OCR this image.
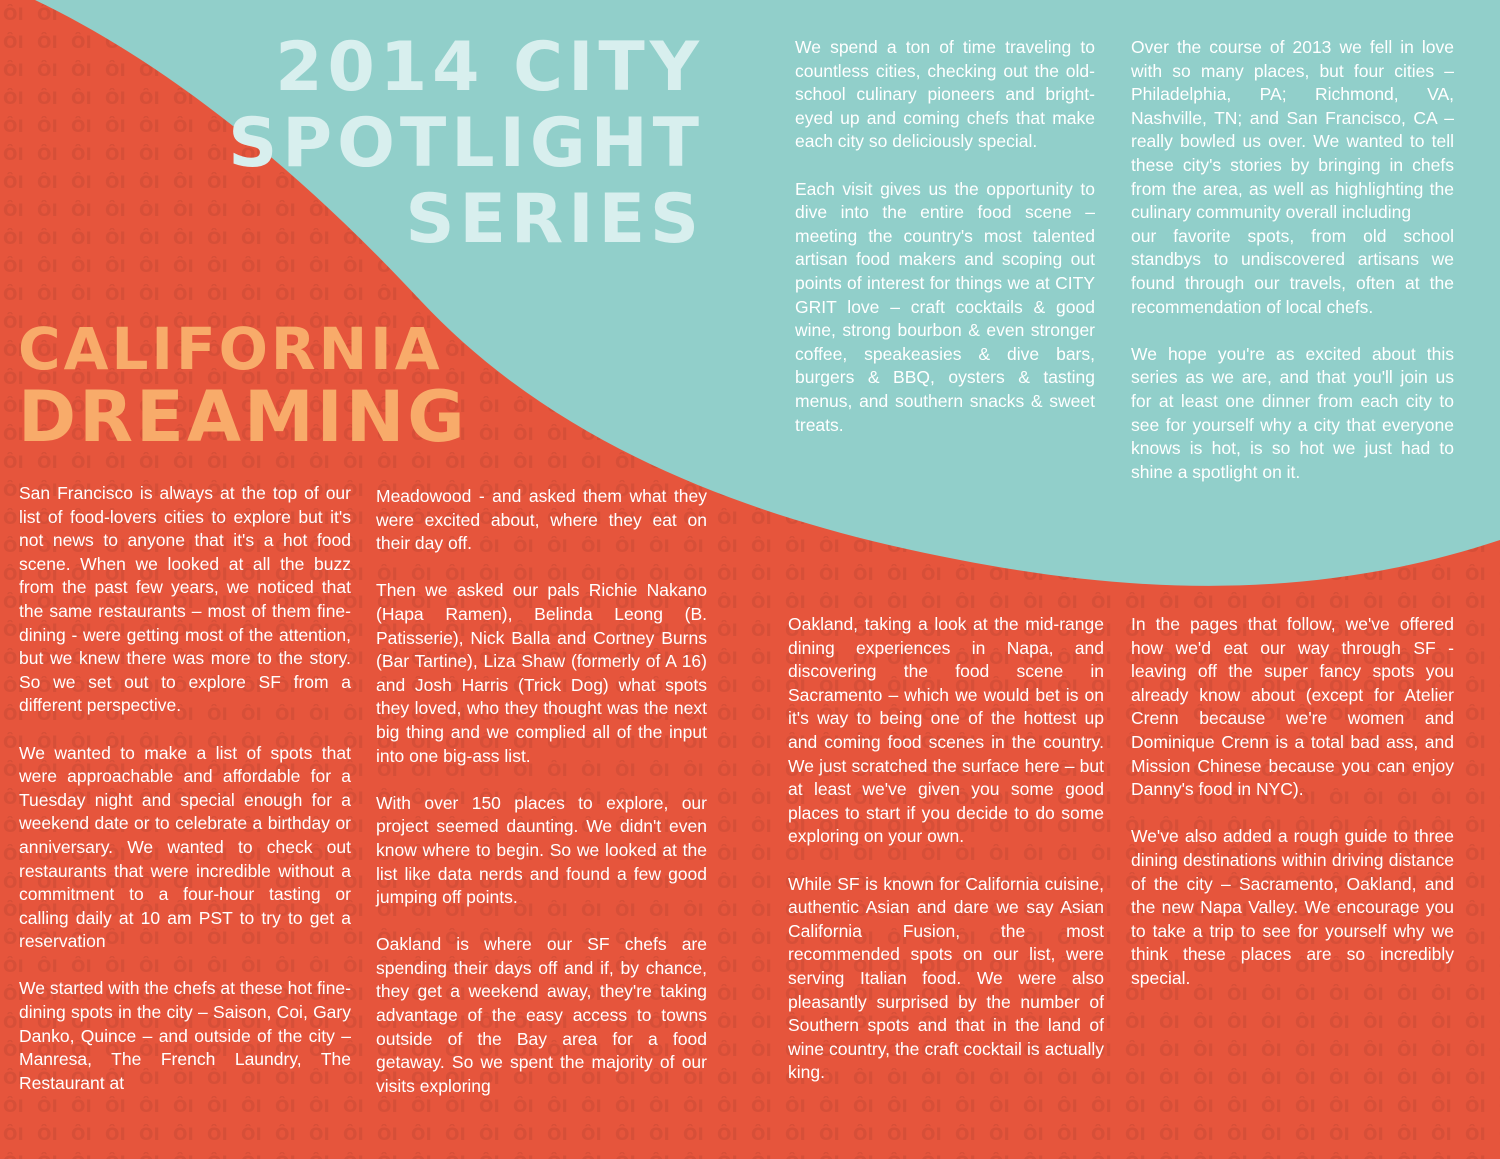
2014 CITY
SPOTLIGHT
SERIES
CALIFORNIA
DREAMING

We spend a ton of time traveling to countless cities, checking out the old-school culinary pioneers and bright-eyed up and coming chefs that make each city so deliciously special.

Each visit gives us the opportunity to dive into the entire food scene – meeting the country's most talented artisan food makers and scoping out points of interest for things we at CITY GRIT love – craft cocktails & good wine, strong bourbon & even stronger coffee, speakeasies & dive bars, burgers & BBQ, oysters & tasting menus, and southern snacks & sweet treats.

Over the course of 2013 we fell in love with so many places, but four cities – Philadelphia, PA; Richmond, VA, Nashville, TN; and San Francisco, CA – really bowled us over. We wanted to tell these city's stories by bringing in chefs from the area, as well as highlighting the culinary community overall including
our favorite spots, from old school standbys to undiscovered artisans we found through our travels, often at the recommendation of local chefs.

We hope you're as excited about this series as we are, and that you'll join us for at least one dinner from each city to see for yourself why a city that everyone knows is hot, is so hot we just had to shine a spotlight on it.

San Francisco is always at the top of our list of food-lovers cities to explore but it's not news to anyone that it's a hot food scene. When we looked at all the buzz from the past few years, we noticed that the same restaurants – most of them fine-dining - were getting most of the attention, but we knew there was more to the story. So we set out to explore SF from a different perspective.

We wanted to make a list of spots that were approachable and affordable for a Tuesday night and special enough for a weekend date or to celebrate a birthday or anniversary. We wanted to check out restaurants that were incredible without a commitment to a four-hour tasting or calling daily at 10 am PST to try to get a reservation

We started with the chefs at these hot fine-dining spots in the city – Saison, Coi, Gary Danko, Quince – and outside of the city – Manresa, The French Laundry, The Restaurant at

Meadowood - and asked them what they were excited about, where they eat on their day off.

Then we asked our pals Richie Nakano (Hapa Ramen), Belinda Leong (B. Patisserie), Nick Balla and Cortney Burns (Bar Tartine), Liza Shaw (formerly of A 16) and Josh Harris (Trick Dog) what spots they loved, who they thought was the next big thing and we complied all of the input into one big-ass list.

With over 150 places to explore, our project seemed daunting. We didn't even know where to begin. So we looked at the list like data nerds and found a few good jumping off points.

Oakland is where our SF chefs are spending their days off and if, by chance, they get a weekend away, they're taking advantage of the easy access to towns outside of the Bay area for a food getaway. So we spent the majority of our visits exploring

Oakland, taking a look at the mid-range dining experiences in Napa, and discovering the food scene in Sacramento – which we would bet is on it's way to being one of the hottest up and coming food scenes in the country. We just scratched the surface here – but at least we've given you some good places to start if you decide to do some exploring on your own.

While SF is known for California cuisine, authentic Asian and dare we say Asian California Fusion, the most recommended spots on our list, were serving Italian food. We were also pleasantly surprised by the number of Southern spots and that in the land of wine country, the craft cocktail is actually king.

In the pages that follow, we've offered how we'd eat our way through SF - leaving off the super fancy spots you already know about (except for Atelier Crenn because we're women and Dominique Crenn is a total bad ass, and Mission Chinese because you can enjoy Danny's food in NYC).

We've also added a rough guide to three dining destinations within driving distance of the city – Sacramento, Oakland, and the new Napa Valley. We encourage you to take a trip to see for yourself why we think these places are so incredibly special.
